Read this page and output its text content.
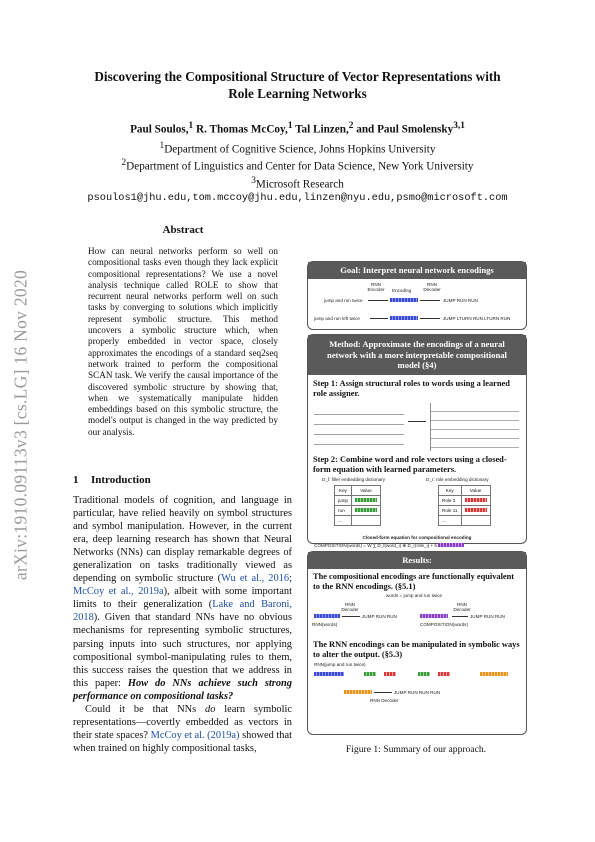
Discovering the Compositional Structure of Vector Representations with
Role Learning Networks
Paul Soulos,$^1$ R. Thomas McCoy,$^1$ Tal Linzen,$^2$ and Paul Smolensky$^{3,1}$
$^1$Department of Cognitive Science, Johns Hopkins University
$^2$Department of Linguistics and Center for Data Science, New York University
$^3$Microsoft Research
psoulos1@jhu.edu,tom.mccoy@jhu.edu,linzen@nyu.edu,psmo@microsoft.com
arXiv:1910.09113v3 [cs.LG] 16 Nov 2020
Abstract
How can neural networks perform so well on compositional tasks even though they lack explicit compositional representations? We use a novel analysis technique called ROLE to show that recurrent neural networks perform well on such tasks by converging to solutions which implicitly represent symbolic structure. This method uncovers a symbolic structure which, when properly embedded in vector space, closely approximates the encodings of a standard seq2seq network trained to perform the compositional SCAN task. We verify the causal importance of the discovered symbolic structure by showing that, when we systematically manipulate hidden embeddings based on this symbolic structure, the model's output is changed in the way predicted by our analysis.
1 Introduction

Traditional models of cognition, and language in particular, have relied heavily on symbol structures and symbol manipulation. However, in the current era, deep learning research has shown that Neural Networks (NNs) can display remarkable degrees of generalization on tasks traditionally viewed as depending on symbolic structure (Wu et al., 2016; McCoy et al., 2019a), albeit with some important limits to their generalization (Lake and Baroni, 2018). Given that standard NNs have no obvious mechanisms for representing symbolic structures, parsing inputs into such structures, nor applying compositional symbol-manipulating rules to them, this success raises the question that we address in this paper: How do NNs achieve such strong performance on compositional tasks?

Could it be that NNs do learn symbolic representations—covertly embedded as vectors in their state spaces? McCoy et al. (2019a) showed that when trained on highly compositional tasks,

Goal: Interpret neural network encodings
RNN Encoder	Encoding
RNN Decoder
jump and run twice	JUMP RUN RUN
jump and run left twice	JUMP LTURN RUN LTURN RUN
Method: Approximate the encodings of a neural network with a more interpretable compositional model (§4)
Step 1: Assign structural roles to words using a learned role assigner.
Step 2: Combine word and role vectors using a closed-form equation with learned parameters.
D_f: filler embedding dictionary
Key	Value
jump	
run	
...	
D_r: role embedding dictionary
Key	Value
Role 3	
Role 11	
...	
Closed-form equation for compositional encoding
COMPOSITION(words) = W ∑ D_f(word_i) ⊗ D_r(role_i) + b
Results:
The compositional encodings are functionally equivalent to the RNN encodings. (§5.1)
words = jump and run twice
RNN Decoder
JUMP RUN RUN
RNN(words)
RNN Decoder
JUMP RUN RUN
COMPOSITION(words)
The RNN encodings can be manipulated in symbolic ways to alter the output. (§5.3)
RNN(jump and run twice)
JUMP RUN RUN RUN
RNN Decoder
Figure 1: Summary of our approach.
